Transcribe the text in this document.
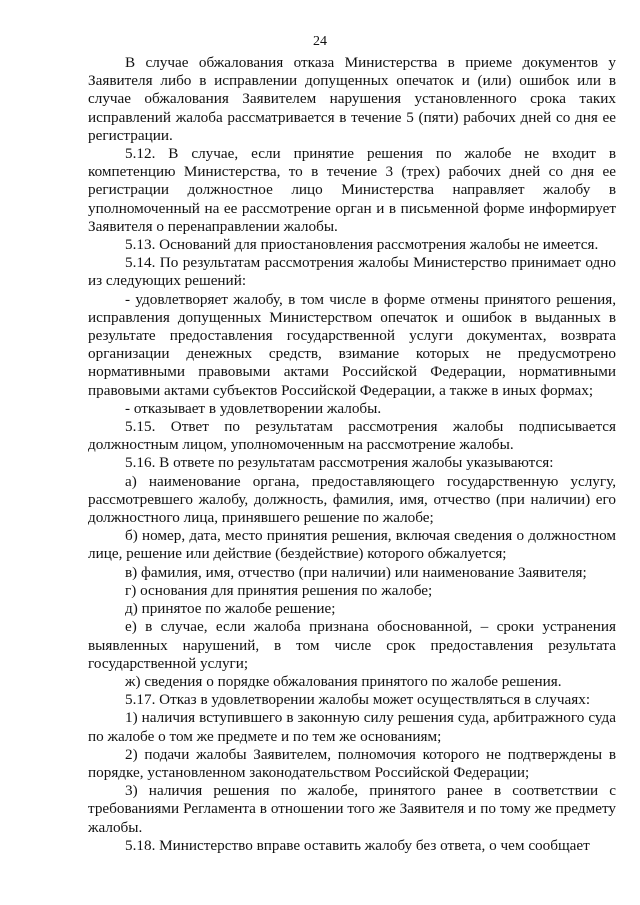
24

В случае обжалования отказа Министерства в приеме документов у Заявителя либо в исправлении допущенных опечаток и (или) ошибок или в случае обжалования Заявителем нарушения установленного срока таких исправлений жалоба рассматривается в течение 5 (пяти) рабочих дней со дня ее регистрации.

5.12. В случае, если принятие решения по жалобе не входит в компетенцию Министерства, то в течение 3 (трех) рабочих дней со дня ее регистрации должностное лицо Министерства направляет жалобу в уполномоченный на ее рассмотрение орган и в письменной форме информирует Заявителя о перенаправлении жалобы.

5.13. Оснований для приостановления рассмотрения жалобы не имеется.

5.14. По результатам рассмотрения жалобы Министерство принимает одно из следующих решений:

- удовлетворяет жалобу, в том числе в форме отмены принятого решения, исправления допущенных Министерством опечаток и ошибок в выданных в результате предоставления государственной услуги документах, возврата организации денежных средств, взимание которых не предусмотрено нормативными правовыми актами Российской Федерации, нормативными правовыми актами субъектов Российской Федерации, а также в иных формах;

- отказывает в удовлетворении жалобы.

5.15. Ответ по результатам рассмотрения жалобы подписывается должностным лицом, уполномоченным на рассмотрение жалобы.

5.16. В ответе по результатам рассмотрения жалобы указываются:

а) наименование органа, предоставляющего государственную услугу, рассмотревшего жалобу, должность, фамилия, имя, отчество (при наличии) его должностного лица, принявшего решение по жалобе;

б) номер, дата, место принятия решения, включая сведения о должностном лице, решение или действие (бездействие) которого обжалуется;

в) фамилия, имя, отчество (при наличии) или наименование Заявителя;

г) основания для принятия решения по жалобе;

д) принятое по жалобе решение;

е) в случае, если жалоба признана обоснованной, – сроки устранения выявленных нарушений, в том числе срок предоставления результата государственной услуги;

ж) сведения о порядке обжалования принятого по жалобе решения.

5.17. Отказ в удовлетворении жалобы может осуществляться в случаях:

1) наличия вступившего в законную силу решения суда, арбитражного суда по жалобе о том же предмете и по тем же основаниям;

2) подачи жалобы Заявителем, полномочия которого не подтверждены в порядке, установленном законодательством Российской Федерации;

3) наличия решения по жалобе, принятого ранее в соответствии с требованиями Регламента в отношении того же Заявителя и по тому же предмету жалобы.

5.18. Министерство вправе оставить жалобу без ответа, о чем сообщает
